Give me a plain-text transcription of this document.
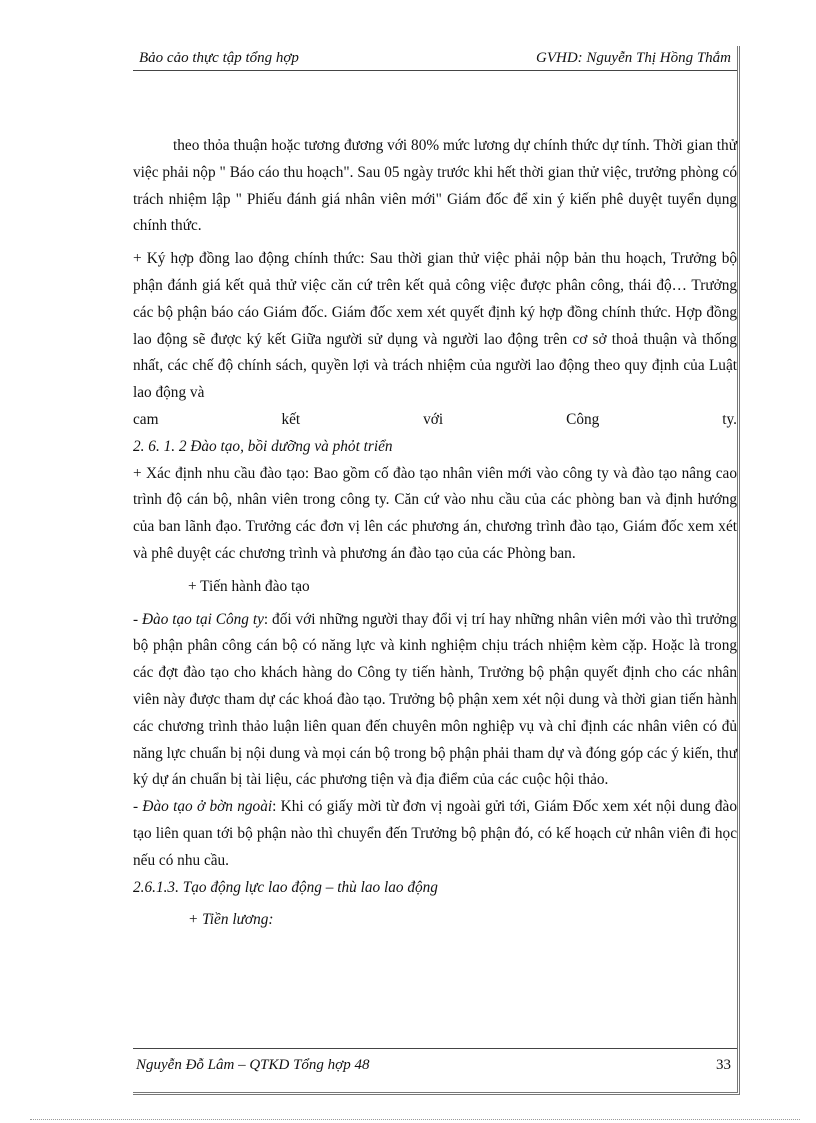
Bảo cảo thực tập tổng hợp	GVHD: Nguyễn Thị Hồng Thắm

theo thỏa thuận hoặc tương đương với 80% mức lương dự chính thức dự tính. Thời gian thử việc phải nộp " Báo cáo thu hoạch". Sau 05 ngày trước khi hết thời gian thử việc, trưởng phòng có trách nhiệm lập " Phiếu đánh giá nhân viên mới" Giám đốc để xin ý kiến phê duyệt tuyển dụng chính thức.

+ Ký hợp đồng lao động chính thức: Sau thời gian thử việc phải nộp bản thu hoạch, Trưởng bộ phận đánh giá kết quả thử việc căn cứ trên kết quả công việc được phân công, thái độ… Trưởng các bộ phận báo cáo Giám đốc. Giám đốc xem xét quyết định ký hợp đồng chính thức. Hợp đồng lao động sẽ được ký kết Giữa người sử dụng và người lao động trên cơ sở thoả thuận và thống nhất, các chế độ chính sách, quyền lợi và trách nhiệm của người lao động theo quy định của Luật lao động và

cam kết với Công ty.

2. 6. 1. 2 Đào tạo, bồi dưỡng và phỏt triển

+ Xác định nhu cầu đào tạo: Bao gồm cố đào tạo nhân viên mới vào công ty và đào tạo nâng cao trình độ cán bộ, nhân viên trong công ty. Căn cứ vào nhu cầu của các phòng ban và định hướng của ban lãnh đạo. Trưởng các đơn vị lên các phương án, chương trình đào tạo, Giám đốc xem xét và phê duyệt các chương trình và phương án đào tạo của các Phòng ban.

+ Tiến hành đào tạo

- Đào tạo tại Công ty: đối với những người thay đổi vị trí hay những nhân viên mới vào thì trưởng bộ phận phân công cán bộ có năng lực và kinh nghiệm chịu trách nhiệm kèm cặp. Hoặc là trong các đợt đào tạo cho khách hàng do Công ty tiến hành, Trưởng bộ phận quyết định cho các nhân viên này được tham dự các khoá đào tạo. Trưởng bộ phận xem xét nội dung và thời gian tiến hành các chương trình thảo luận liên quan đến chuyên môn nghiệp vụ và chỉ định các nhân viên có đủ năng lực chuẩn bị nội dung và mọi cán bộ trong bộ phận phải tham dự và đóng góp các ý kiến, thư ký dự án chuẩn bị tài liệu, các phương tiện và địa điểm của các cuộc hội thảo.

- Đào tạo ở bờn ngoài: Khi có giấy mời từ đơn vị ngoài gửi tới, Giám Đốc xem xét nội dung đào tạo liên quan tới bộ phận nào thì chuyển đến Trưởng bộ phận đó, có kế hoạch cử nhân viên đi học nếu có nhu cầu.

2.6.1.3. Tạo động lực lao động – thù lao lao động

+ Tiền lương:

Nguyễn Đỗ Lâm – QTKD Tổng hợp 48	33
